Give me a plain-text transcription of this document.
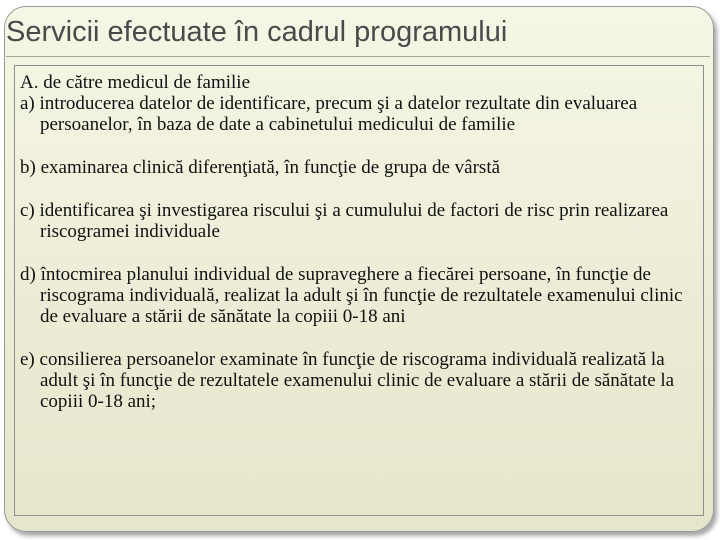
Servicii efectuate în cadrul programului

A. de către medicul de familie

a) introducerea datelor de identificare, precum şi a datelor rezultate din evaluarea persoanelor, în baza de date a cabinetului medicului de familie

b) examinarea clinică diferenţiată, în funcţie de grupa de vârstă

c) identificarea şi investigarea riscului şi a cumulului de factori de risc prin realizarea riscogramei individuale

d) întocmirea planului individual de supraveghere a fiecărei persoane, în funcţie de riscograma individuală, realizat la adult şi în funcţie de rezultatele examenului clinic de evaluare a stării de sănătate la copiii 0-18 ani

e) consilierea persoanelor examinate în funcţie de riscograma individuală realizată la adult şi în funcţie de rezultatele examenului clinic de evaluare a stării de sănătate la copiii 0-18 ani;
